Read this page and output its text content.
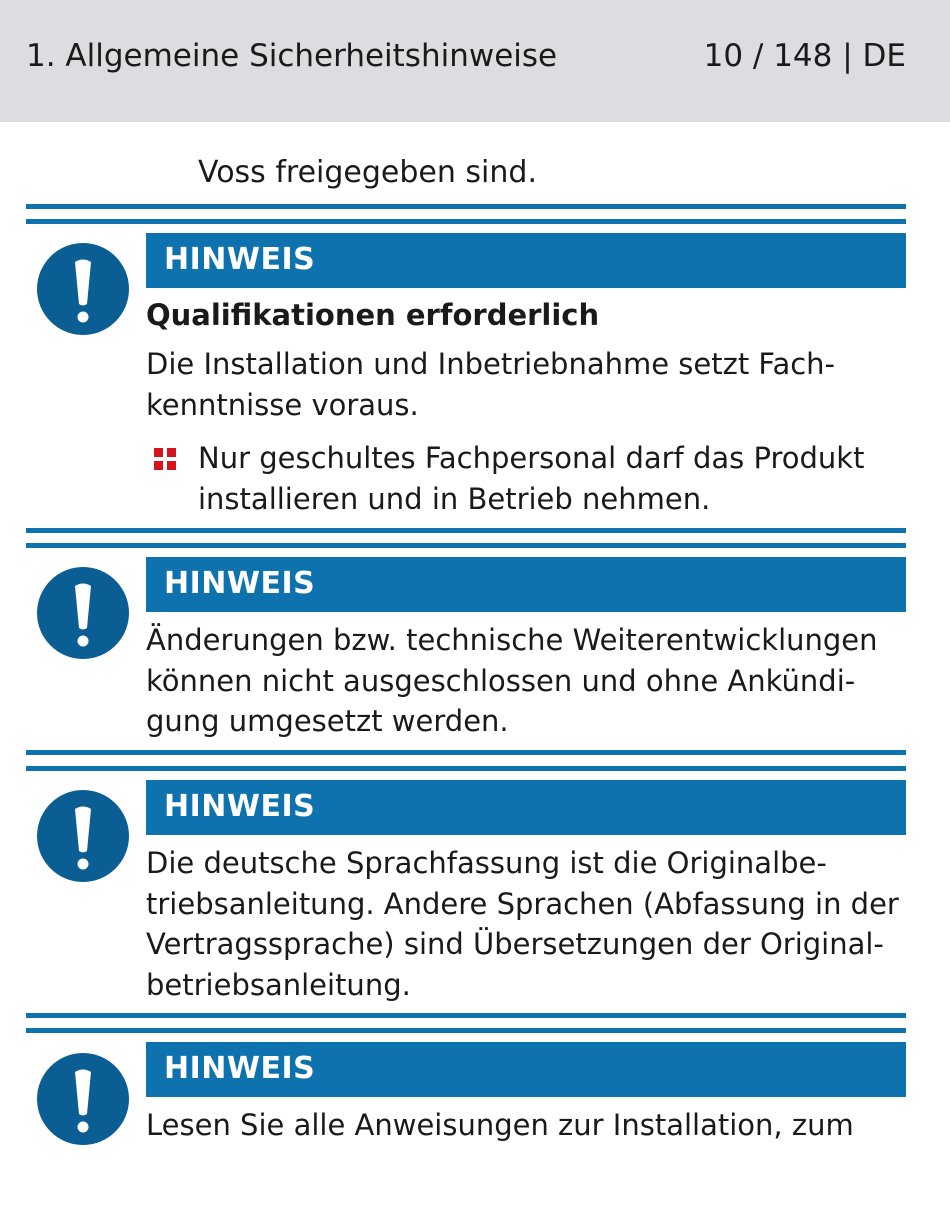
1. Allgemeine Sicherheitshinweise	10 / 148 | DE
Voss freigegeben sind.
HINWEIS
Qualifikationen erforderlich
Die Installation und Inbetriebnahme setzt Fach-
kenntnisse voraus.
Nur geschultes Fachpersonal darf das Produkt
installieren und in Betrieb nehmen.
HINWEIS
Änderungen bzw. technische Weiterentwicklungen
können nicht ausgeschlossen und ohne Ankündi-
gung umgesetzt werden.
HINWEIS
Die deutsche Sprachfassung ist die Originalbe-
triebsanleitung. Andere Sprachen (Abfassung in der
Vertragssprache) sind Übersetzungen der Original-
betriebsanleitung.
HINWEIS
Lesen Sie alle Anweisungen zur Installation, zum
